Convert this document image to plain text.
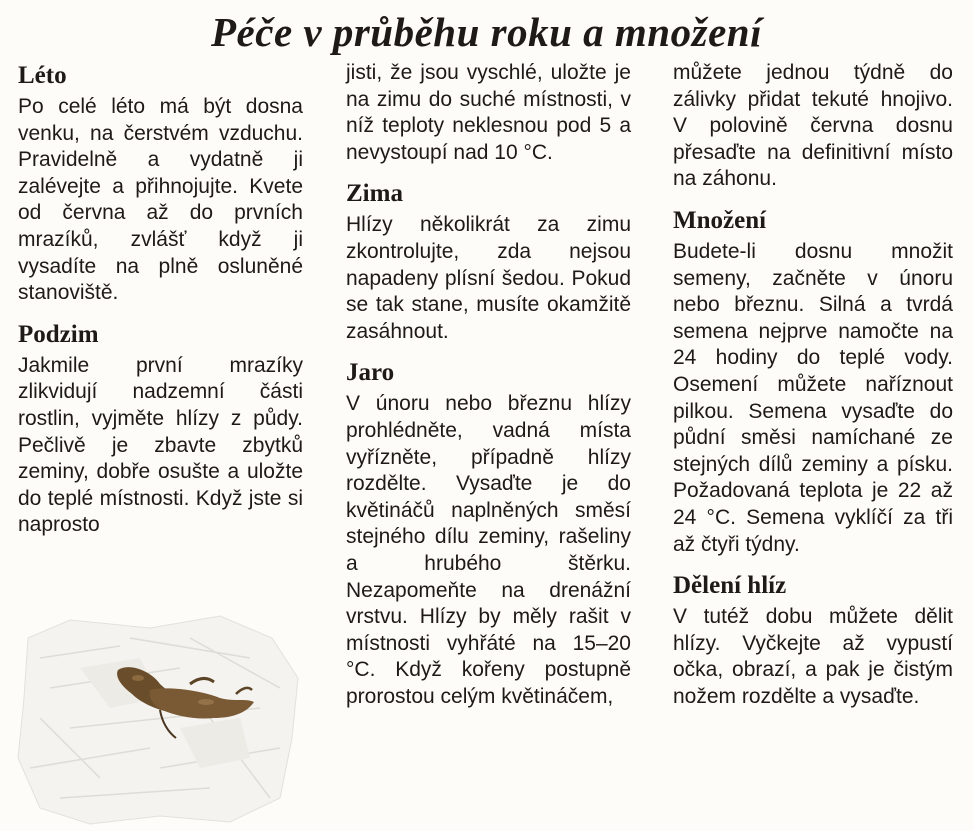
Péče v průběhu roku a množení
Léto
Po celé léto má být dosna venku, na čerstvém vzduchu. Pravidelně a vydatně ji zalévejte a přihnojujte. Kvete od června až do prvních mrazíků, zvlášť když ji vysadíte na plně osluněné stanoviště.
Podzim
Jakmile první mrazíky zlikvidují nadzemní části rostlin, vyjměte hlízy z půdy. Pečlivě je zbavte zbytků zeminy, dobře osušte a uložte do teplé místnosti. Když jste si naprosto
jisti, že jsou vyschlé, uložte je na zimu do suché místnosti, v níž teploty neklesnou pod 5 a nevystoupí nad 10 °C.
Zima
Hlízy několikrát za zimu zkontrolujte, zda nejsou napadeny plísní šedou. Pokud se tak stane, musíte okamžitě zasáhnout.
Jaro
V únoru nebo březnu hlízy prohlédněte, vadná místa vyřízněte, případně hlízy rozdělte. Vysaďte je do květináčů naplněných směsí stejného dílu zeminy, rašeliny a hrubého štěrku. Nezapomeňte na drenážní vrstvu. Hlízy by měly rašit v místnosti vyhřáté na 15–20 °C. Když kořeny postupně prorostou celým květináčem,
můžete jednou týdně do zálivky přidat tekuté hnojivo. V polovině června dosnu přesaďte na definitivní místo na záhonu.
Množení
Budete-li dosnu množit semeny, začněte v únoru nebo březnu. Silná a tvrdá semena nejprve namočte na 24 hodiny do teplé vody. Osemení můžete naříznout pilkou. Semena vysaďte do půdní směsi namíchané ze stejných dílů zeminy a písku. Požadovaná teplota je 22 až 24 °C. Semena vyklíčí za tři až čtyři týdny.
Dělení hlíz
V tutéž dobu můžete dělit hlízy. Vyčkejte až vypustí očka, obrazí, a pak je čistým nožem rozdělte a vysaďte.
